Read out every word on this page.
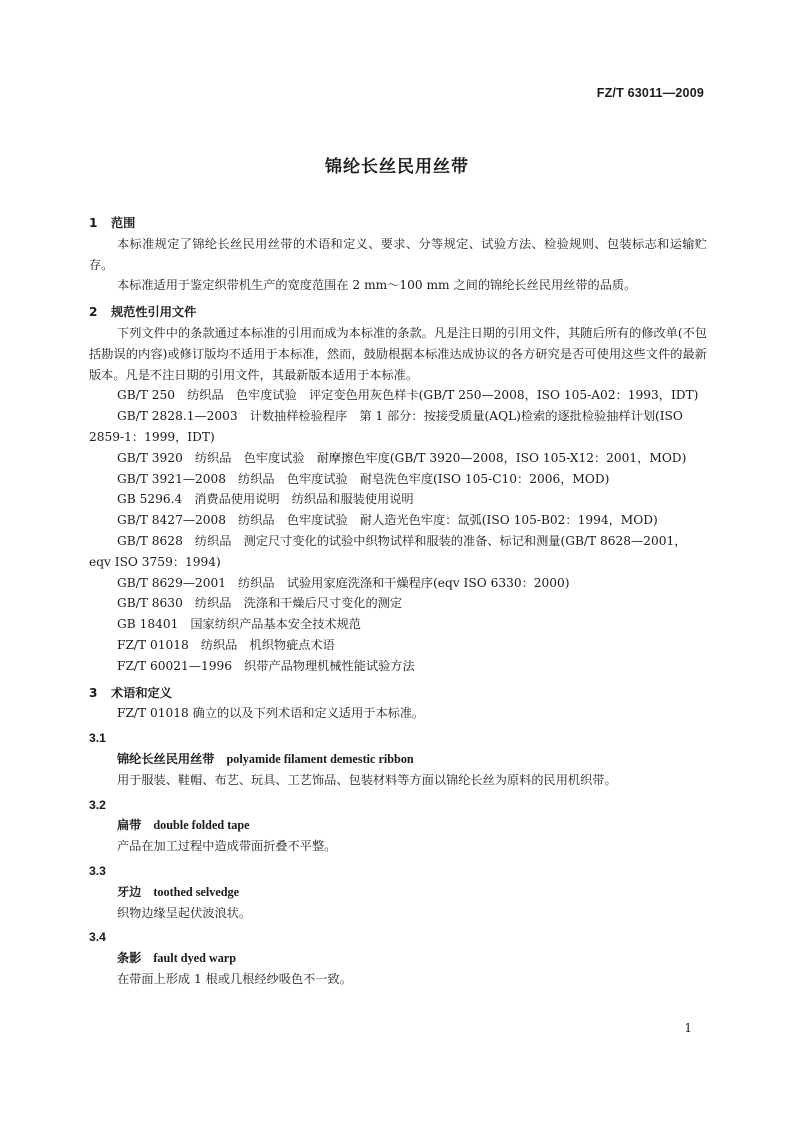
FZ/T 63011—2009
锦纶长丝民用丝带
1 范围
本标准规定了锦纶长丝民用丝带的术语和定义、要求、分等规定、试验方法、检验规则、包装标志和运输贮存。
本标准适用于鉴定织带机生产的宽度范围在 2 mm～100 mm 之间的锦纶长丝民用丝带的品质。
2 规范性引用文件
下列文件中的条款通过本标准的引用而成为本标准的条款。凡是注日期的引用文件，其随后所有的修改单(不包括勘误的内容)或修订版均不适用于本标准，然而，鼓励根据本标准达成协议的各方研究是否可使用这些文件的最新版本。凡是不注日期的引用文件，其最新版本适用于本标准。
GB/T 250 纺织品　色牢度试验　评定变色用灰色样卡(GB/T 250—2008，ISO 105-A02：1993，IDT)
GB/T 2828.1—2003 计数抽样检验程序　第 1 部分：按接受质量(AQL)检索的逐批检验抽样计划(ISO 2859-1：1999，IDT)
GB/T 3920 纺织品　色牢度试验　耐摩擦色牢度(GB/T 3920—2008，ISO 105-X12：2001，MOD)
GB/T 3921—2008 纺织品　色牢度试验　耐皂洗色牢度(ISO 105-C10：2006，MOD)
GB 5296.4 消费品使用说明　纺织品和服装使用说明
GB/T 8427—2008 纺织品　色牢度试验　耐人造光色牢度：氙弧(ISO 105-B02：1994，MOD)
GB/T 8628 纺织品　测定尺寸变化的试验中织物试样和服装的准备、标记和测量(GB/T 8628—2001，eqv ISO 3759：1994)
GB/T 8629—2001 纺织品　试验用家庭洗涤和干燥程序(eqv ISO 6330：2000)
GB/T 8630 纺织品　洗涤和干燥后尺寸变化的测定
GB 18401 国家纺织产品基本安全技术规范
FZ/T 01018 纺织品　机织物疵点术语
FZ/T 60021—1996 织带产品物理机械性能试验方法
3 术语和定义
FZ/T 01018 确立的以及下列术语和定义适用于本标准。
3.1
锦纶长丝民用丝带 polyamide filament demestic ribbon
用于服装、鞋帽、布艺、玩具、工艺饰品、包装材料等方面以锦纶长丝为原料的民用机织带。
3.2
扁带 double folded tape
产品在加工过程中造成带面折叠不平整。
3.3
牙边 toothed selvedge
织物边缘呈起伏波浪状。
3.4
条影 fault dyed warp
在带面上形成 1 根或几根经纱吸色不一致。
1
